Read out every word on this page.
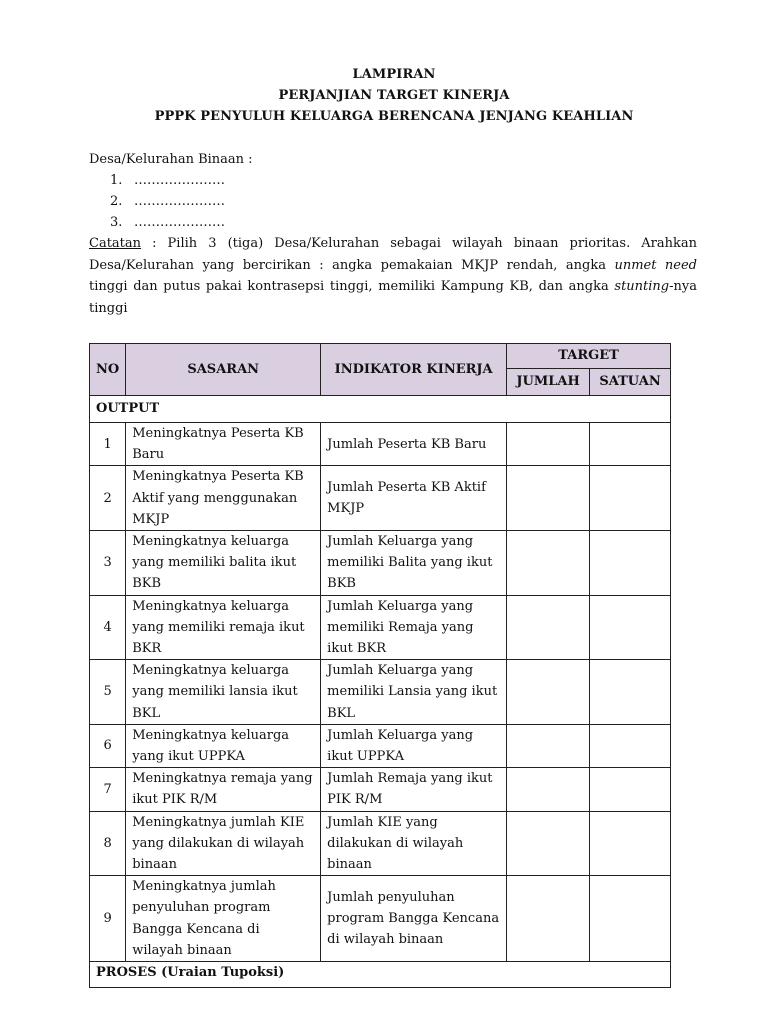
LAMPIRAN
PERJANJIAN TARGET KINERJA
PPPK PENYULUH KELUARGA BERENCANA JENJANG KEAHLIAN
Desa/Kelurahan Binaan :
1. …………………
2. …………………
3. …………………
Catatan : Pilih 3 (tiga) Desa/Kelurahan sebagai wilayah binaan prioritas. Arahkan
Desa/Kelurahan yang bercirikan : angka pemakaian MKJP rendah, angka unmet need
tinggi dan putus pakai kontrasepsi tinggi, memiliki Kampung KB, dan angka stunting-nya
tinggi
NO	SASARAN	INDIKATOR KINERJA	TARGET	
			JUMLAH	SATUAN
OUTPUT				
1	Meningkatnya Peserta KB Baru	Jumlah Peserta KB Baru		
2	Meningkatnya Peserta KB Aktif yang menggunakan MKJP	Jumlah Peserta KB Aktif MKJP		
3	Meningkatnya keluarga yang memiliki balita ikut BKB	Jumlah Keluarga yang memiliki Balita yang ikut BKB		
4	Meningkatnya keluarga yang memiliki remaja ikut BKR	Jumlah Keluarga yang memiliki Remaja yang ikut BKR		
5	Meningkatnya keluarga yang memiliki lansia ikut BKL	Jumlah Keluarga yang memiliki Lansia yang ikut BKL		
6	Meningkatnya keluarga yang ikut UPPKA	Jumlah Keluarga yang ikut UPPKA		
7	Meningkatnya remaja yang ikut PIK R/M	Jumlah Remaja yang ikut PIK R/M		
8	Meningkatnya jumlah KIE yang dilakukan di wilayah binaan	Jumlah KIE yang dilakukan di wilayah binaan		
9	Meningkatnya jumlah penyuluhan program Bangga Kencana di wilayah binaan	Jumlah penyuluhan program Bangga Kencana di wilayah binaan		
PROSES (Uraian Tupoksi)				
